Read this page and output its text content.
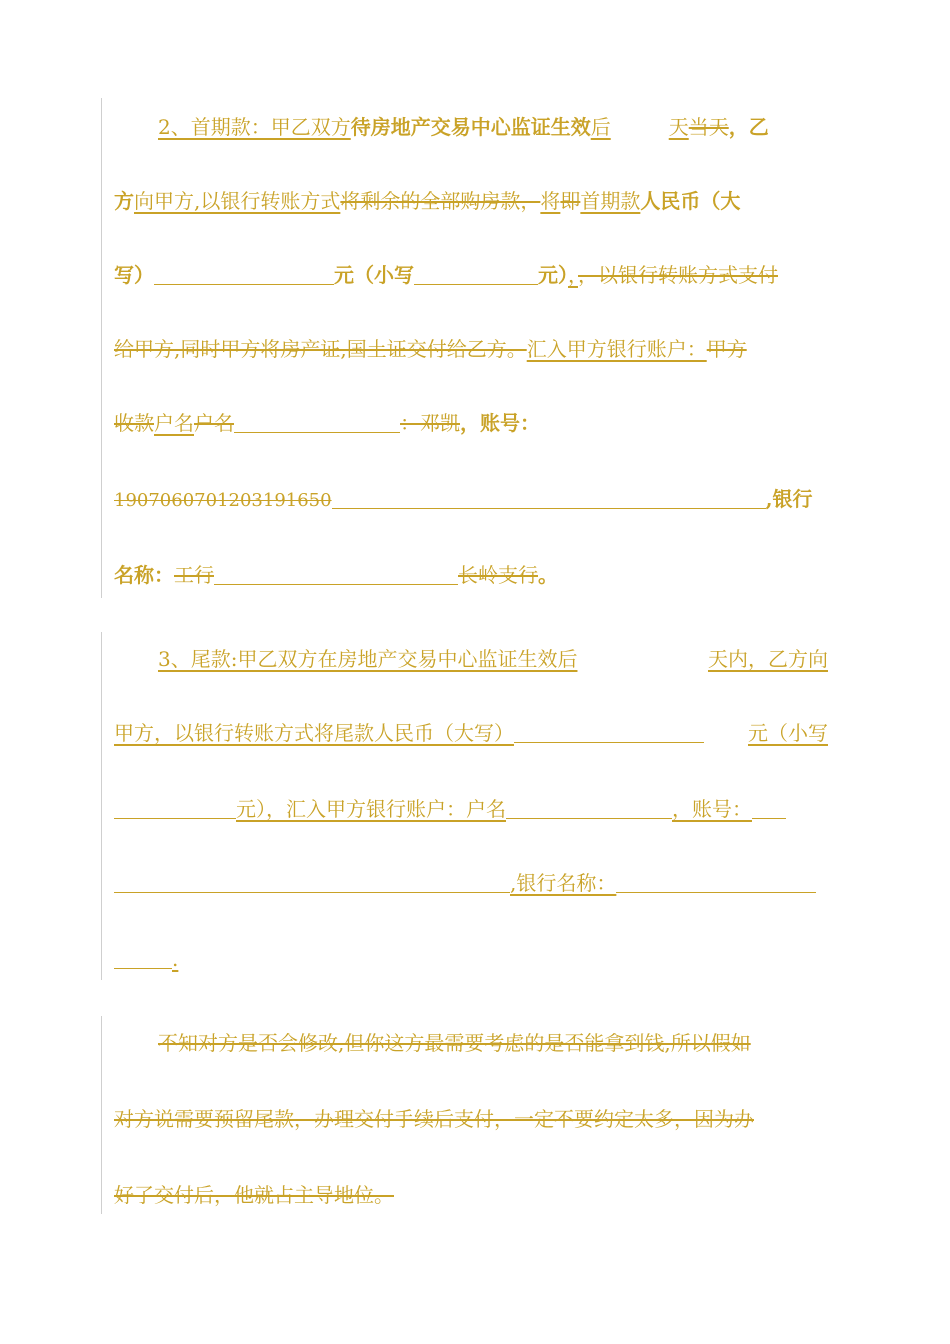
2、首期款：甲乙双方待房地产交易中心监证生效后	天当天，乙
方向甲方,以银行转账方式将剩余的全部购房款，将即首期款人民币（大
写）	元（小写	元），，以银行转账方式支付
给甲方,同时甲方将房产证,国土证交付给乙方。汇入甲方银行账户：甲方
收款户名户名	：邓凯，账号：
1907060701203191650	,银行
名称：工行	长岭支行。
3、尾款:甲乙双方在房地产交易中心监证生效后	天内，乙方向
甲方，以银行转账方式将尾款人民币（大写）	元（小写
元），汇入甲方银行账户：户名	，账号：
,银行名称：
.
不知对方是否会修改,但你这方最需要考虑的是否能拿到钱,所以假如
对方说需要预留尾款，办理交付手续后支付，一定不要约定太多，因为办
好了交付后，他就占主导地位。
